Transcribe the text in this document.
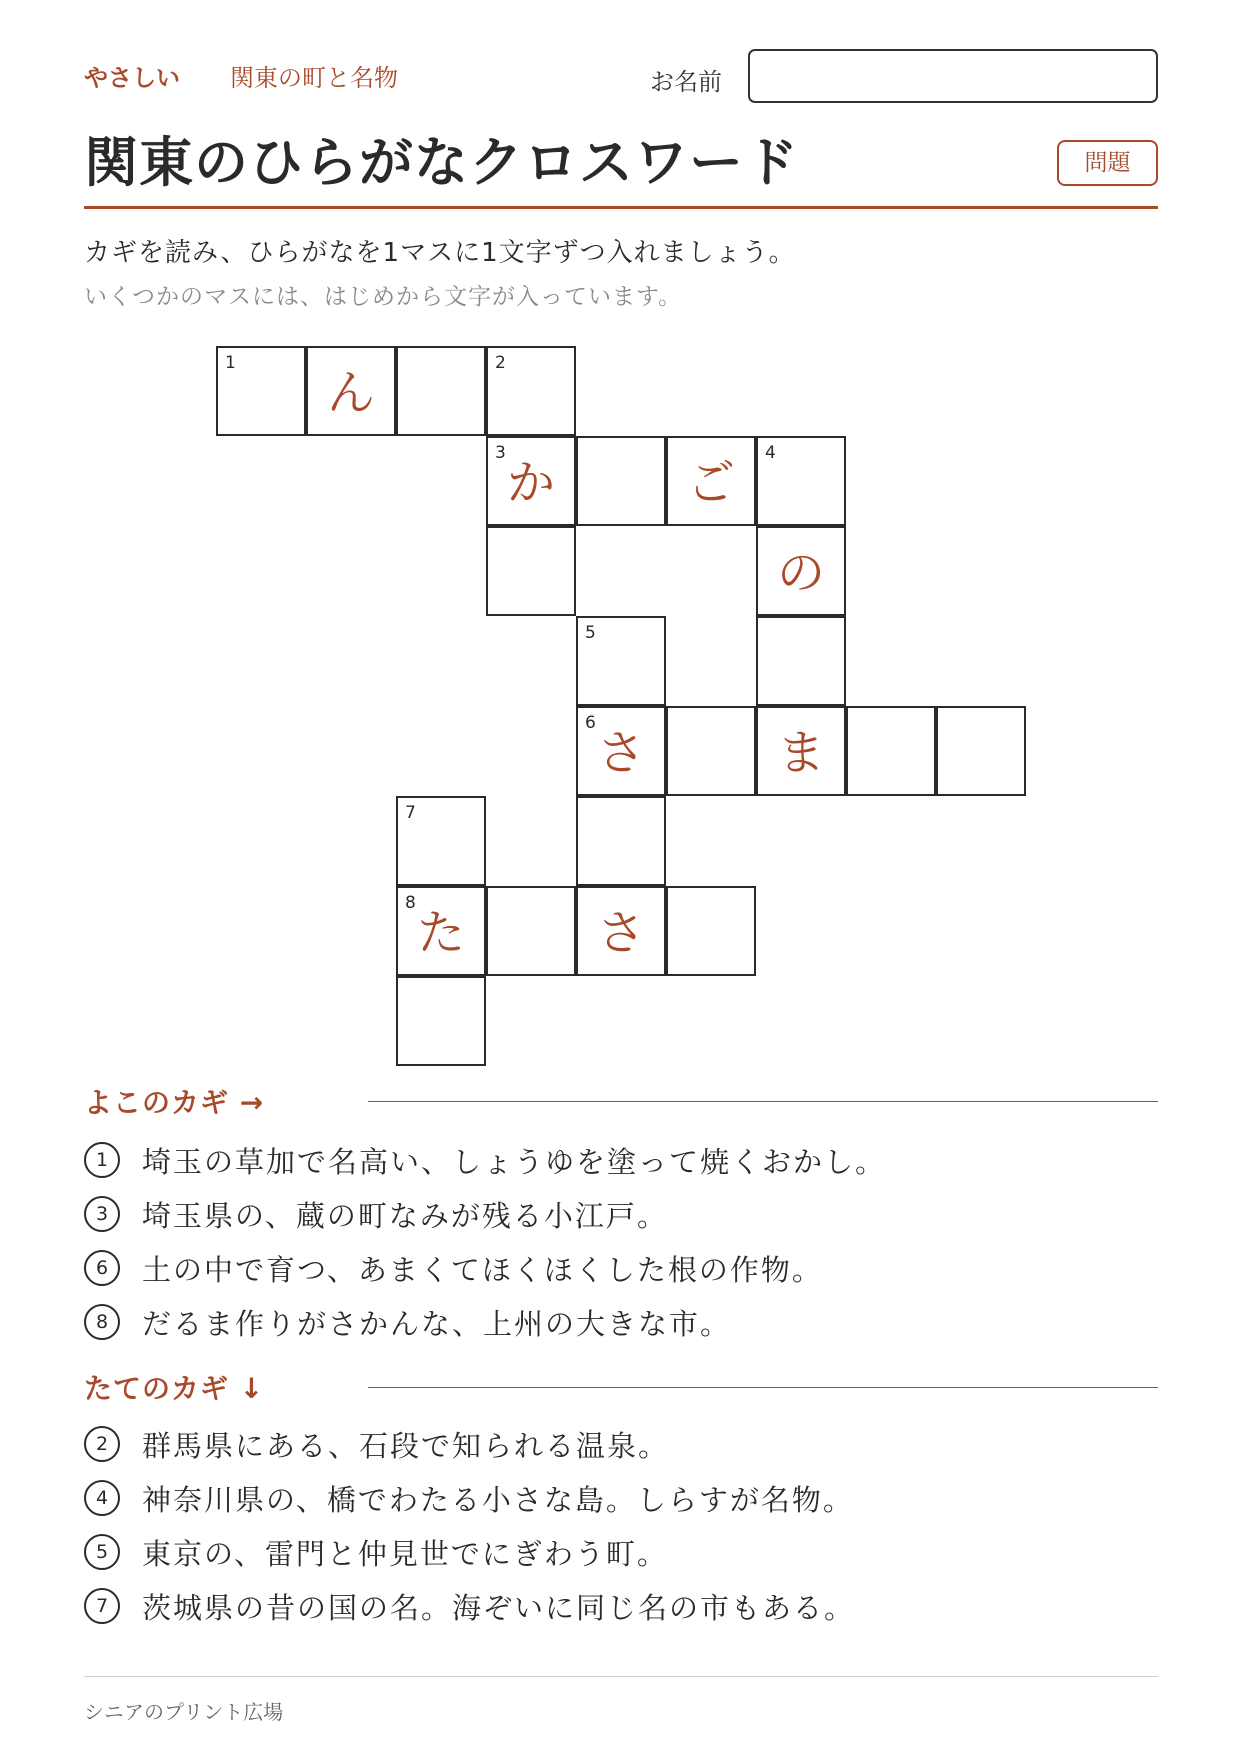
やさしい 関東の町と名物	お名前
関東のひらがなクロスワード	問題
カギを読み、ひらがなを1マスに1文字ずつ入れましょう。
いくつかのマスには、はじめから文字が入っています。
1
ん
2
3
か	ご
4
の
5
6
さ	ま
7
8
た	さ
よこのカギ →
1	埼玉の草加で名高い、しょうゆを塗って焼くおかし。
3	埼玉県の、蔵の町なみが残る小江戸。
6	土の中で育つ、あまくてほくほくした根の作物。
8	だるま作りがさかんな、上州の大きな市。
たてのカギ ↓
2	群馬県にある、石段で知られる温泉。
4	神奈川県の、橋でわたる小さな島。しらすが名物。
5	東京の、雷門と仲見世でにぎわう町。
7	茨城県の昔の国の名。海ぞいに同じ名の市もある。
シニアのプリント広場
